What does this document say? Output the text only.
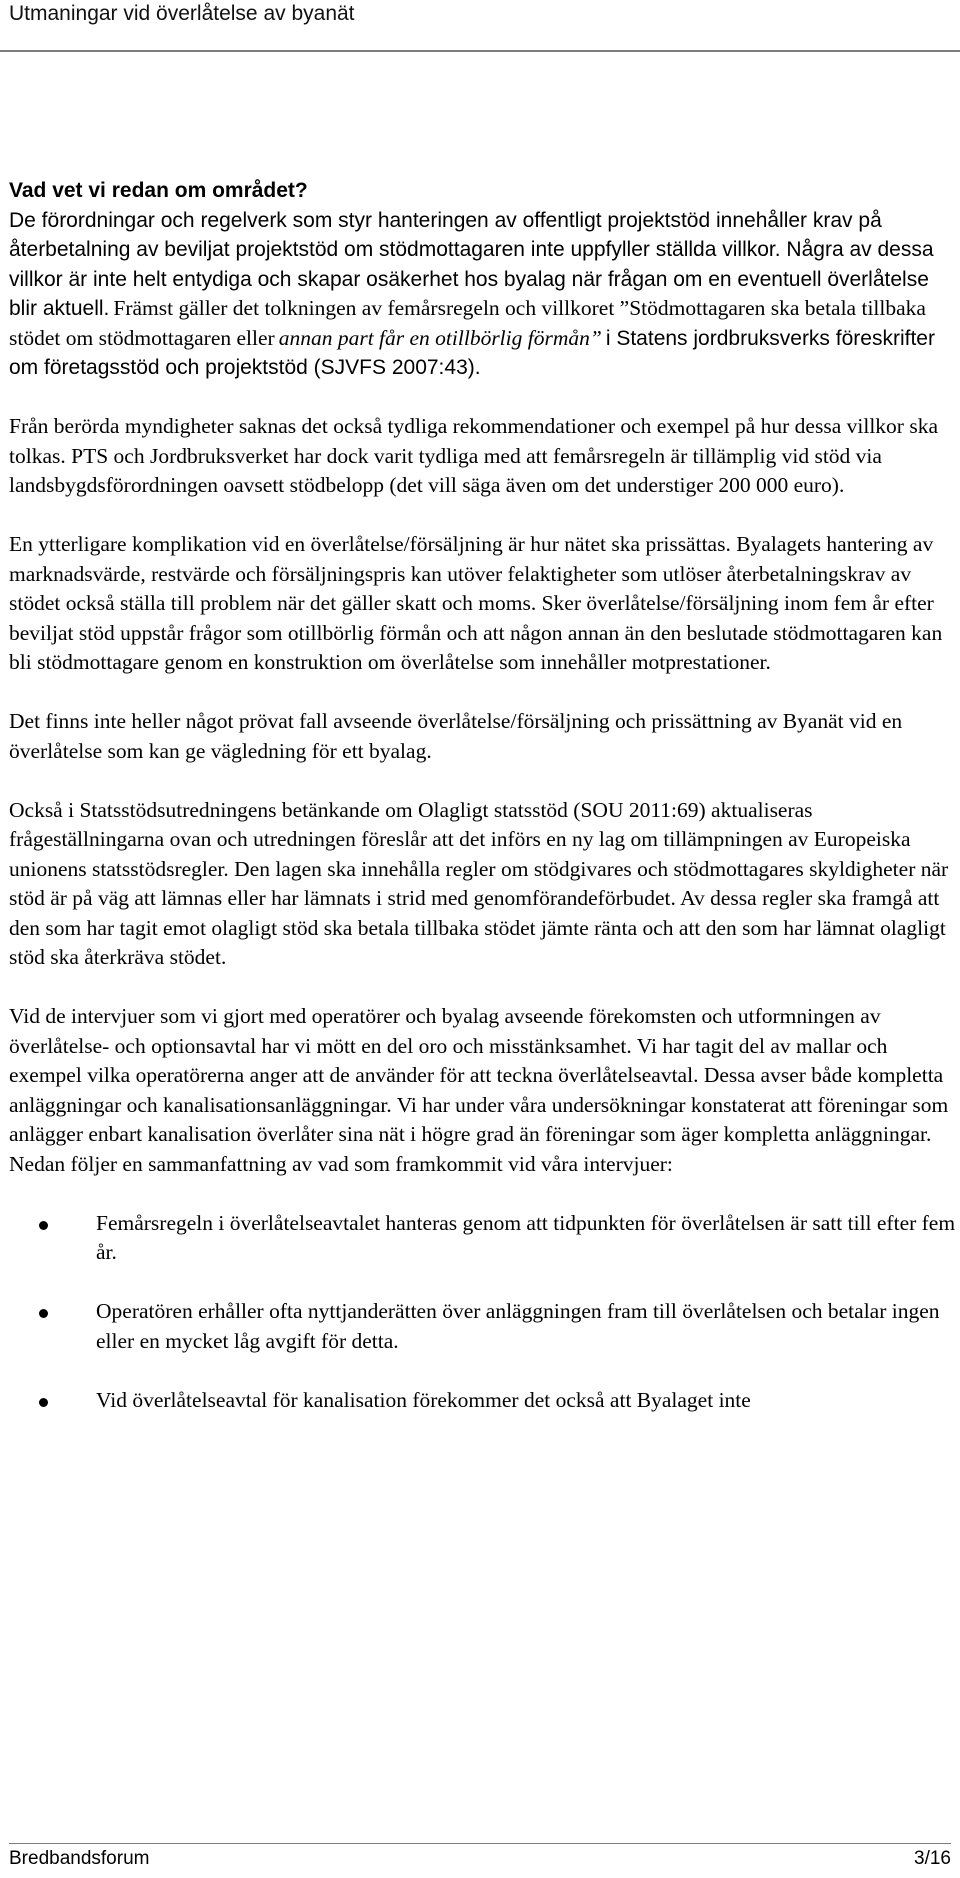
Utmaningar vid överlåtelse av byanät

Vad vet vi redan om området?

De förordningar och regelverk som styr hanteringen av offentligt projektstöd innehåller krav på återbetalning av beviljat projektstöd om stödmottagaren inte uppfyller ställda villkor. Några av dessa villkor är inte helt entydiga och skapar osäkerhet hos byalag när frågan om en eventuell överlåtelse blir aktuell. Främst gäller det tolkningen av femårsregeln och villkoret ”Stödmottagaren ska betala tillbaka stödet om stödmottagaren eller annan part får en otillbörlig förmån” i Statens jordbruksverks föreskrifter om företagsstöd och projektstöd (SJVFS 2007:43).

Från berörda myndigheter saknas det också tydliga rekommendationer och exempel på hur dessa villkor ska tolkas. PTS och Jordbruksverket har dock varit tydliga med att femårsregeln är tillämplig vid stöd via landsbygdsförordningen oavsett stödbelopp (det vill säga även om det understiger 200 000 euro).

En ytterligare komplikation vid en överlåtelse/försäljning är hur nätet ska prissättas. Byalagets hantering av marknadsvärde, restvärde och försäljningspris kan utöver felaktigheter som utlöser återbetalningskrav av stödet också ställa till problem när det gäller skatt och moms. Sker överlåtelse/försäljning inom fem år efter beviljat stöd uppstår frågor som otillbörlig förmån och att någon annan än den beslutade stödmottagaren kan bli stödmottagare genom en konstruktion om överlåtelse som innehåller motprestationer.

Det finns inte heller något prövat fall avseende överlåtelse/försäljning och prissättning av Byanät vid en överlåtelse som kan ge vägledning för ett byalag.

Också i Statsstödsutredningens betänkande om Olagligt statsstöd (SOU 2011:69) aktualiseras frågeställningarna ovan och utredningen föreslår att det införs en ny lag om tillämpningen av Europeiska unionens statsstödsregler. Den lagen ska innehålla regler om stödgivares och stödmottagares skyldigheter när stöd är på väg att lämnas eller har lämnats i strid med genomförandeförbudet. Av dessa regler ska framgå att den som har tagit emot olagligt stöd ska betala tillbaka stödet jämte ränta och att den som har lämnat olagligt stöd ska återkräva stödet.

Vid de intervjuer som vi gjort med operatörer och byalag avseende förekomsten och utformningen av överlåtelse- och optionsavtal har vi mött en del oro och misstänksamhet. Vi har tagit del av mallar och exempel vilka operatörerna anger att de använder för att teckna överlåtelseavtal. Dessa avser både kompletta anläggningar och kanalisationsanläggningar. Vi har under våra undersökningar konstaterat att föreningar som anlägger enbart kanalisation överlåter sina nät i högre grad än föreningar som äger kompletta anläggningar. Nedan följer en sammanfattning av vad som framkommit vid våra intervjuer:

Femårsregeln i överlåtelseavtalet hanteras genom att tidpunkten för överlåtelsen är satt till efter fem år.
Operatören erhåller ofta nyttjanderätten över anläggningen fram till överlåtelsen och betalar ingen eller en mycket låg avgift för detta.
Vid överlåtelseavtal för kanalisation förekommer det också att Byalaget inte
Bredbandsforum	3/16
